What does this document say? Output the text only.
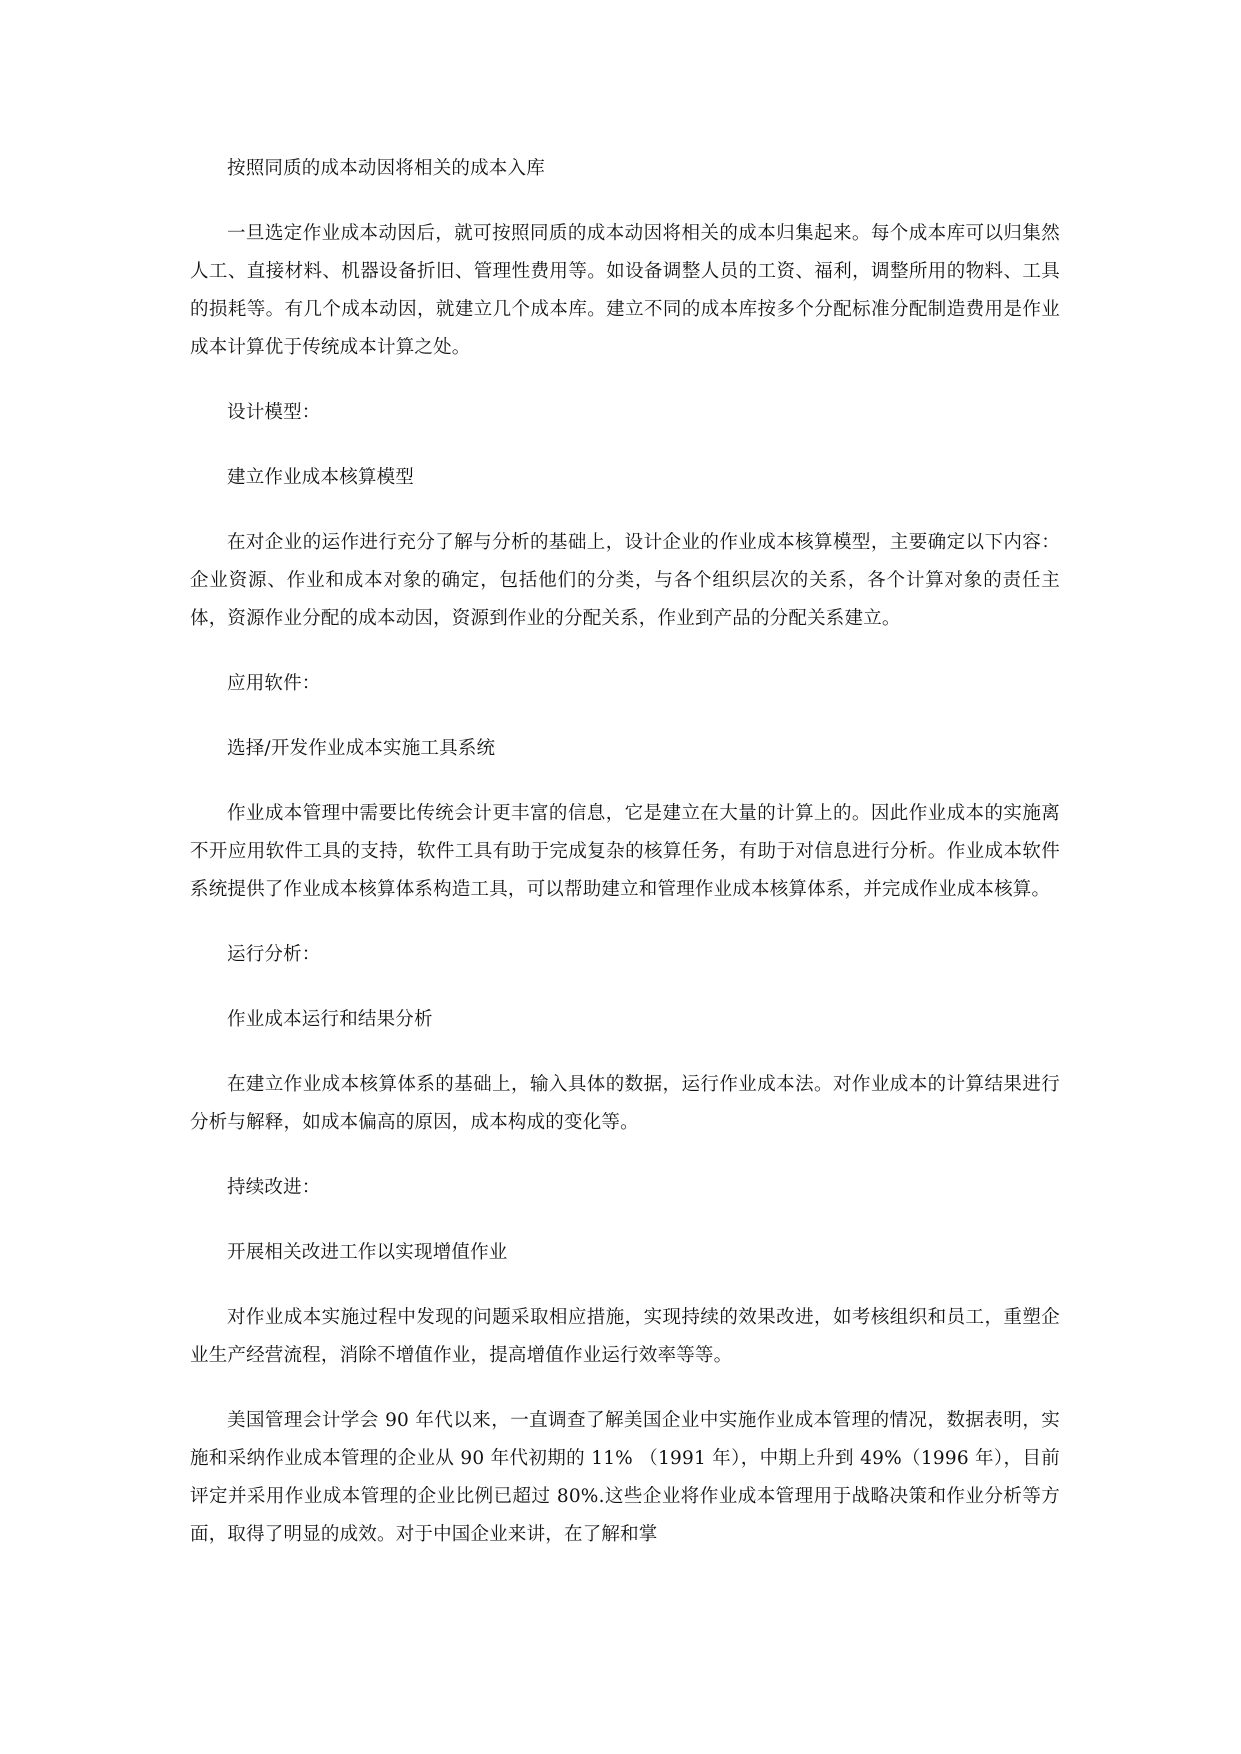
按照同质的成本动因将相关的成本入库

一旦选定作业成本动因后，就可按照同质的成本动因将相关的成本归集起来。每个成本库可以归集然人工、直接材料、机器设备折旧、管理性费用等。如设备调整人员的工资、福利，调整所用的物料、工具的损耗等。有几个成本动因，就建立几个成本库。建立不同的成本库按多个分配标准分配制造费用是作业成本计算优于传统成本计算之处。

设计模型：

建立作业成本核算模型

在对企业的运作进行充分了解与分析的基础上，设计企业的作业成本核算模型，主要确定以下内容：企业资源、作业和成本对象的确定，包括他们的分类，与各个组织层次的关系，各个计算对象的责任主体，资源作业分配的成本动因，资源到作业的分配关系，作业到产品的分配关系建立。

应用软件：

选择/开发作业成本实施工具系统

作业成本管理中需要比传统会计更丰富的信息，它是建立在大量的计算上的。因此作业成本的实施离不开应用软件工具的支持，软件工具有助于完成复杂的核算任务，有助于对信息进行分析。作业成本软件系统提供了作业成本核算体系构造工具，可以帮助建立和管理作业成本核算体系，并完成作业成本核算。

运行分析：

作业成本运行和结果分析

在建立作业成本核算体系的基础上，输入具体的数据，运行作业成本法。对作业成本的计算结果进行分析与解释，如成本偏高的原因，成本构成的变化等。

持续改进：

开展相关改进工作以实现增值作业

对作业成本实施过程中发现的问题采取相应措施，实现持续的效果改进，如考核组织和员工，重塑企业生产经营流程，消除不增值作业，提高增值作业运行效率等等。

美国管理会计学会 90 年代以来，一直调查了解美国企业中实施作业成本管理的情况，数据表明，实施和采纳作业成本管理的企业从 90 年代初期的 11% （1991 年），中期上升到 49%（1996 年），目前评定并采用作业成本管理的企业比例已超过 80%.这些企业将作业成本管理用于战略决策和作业分析等方面，取得了明显的成效。对于中国企业来讲，在了解和掌
